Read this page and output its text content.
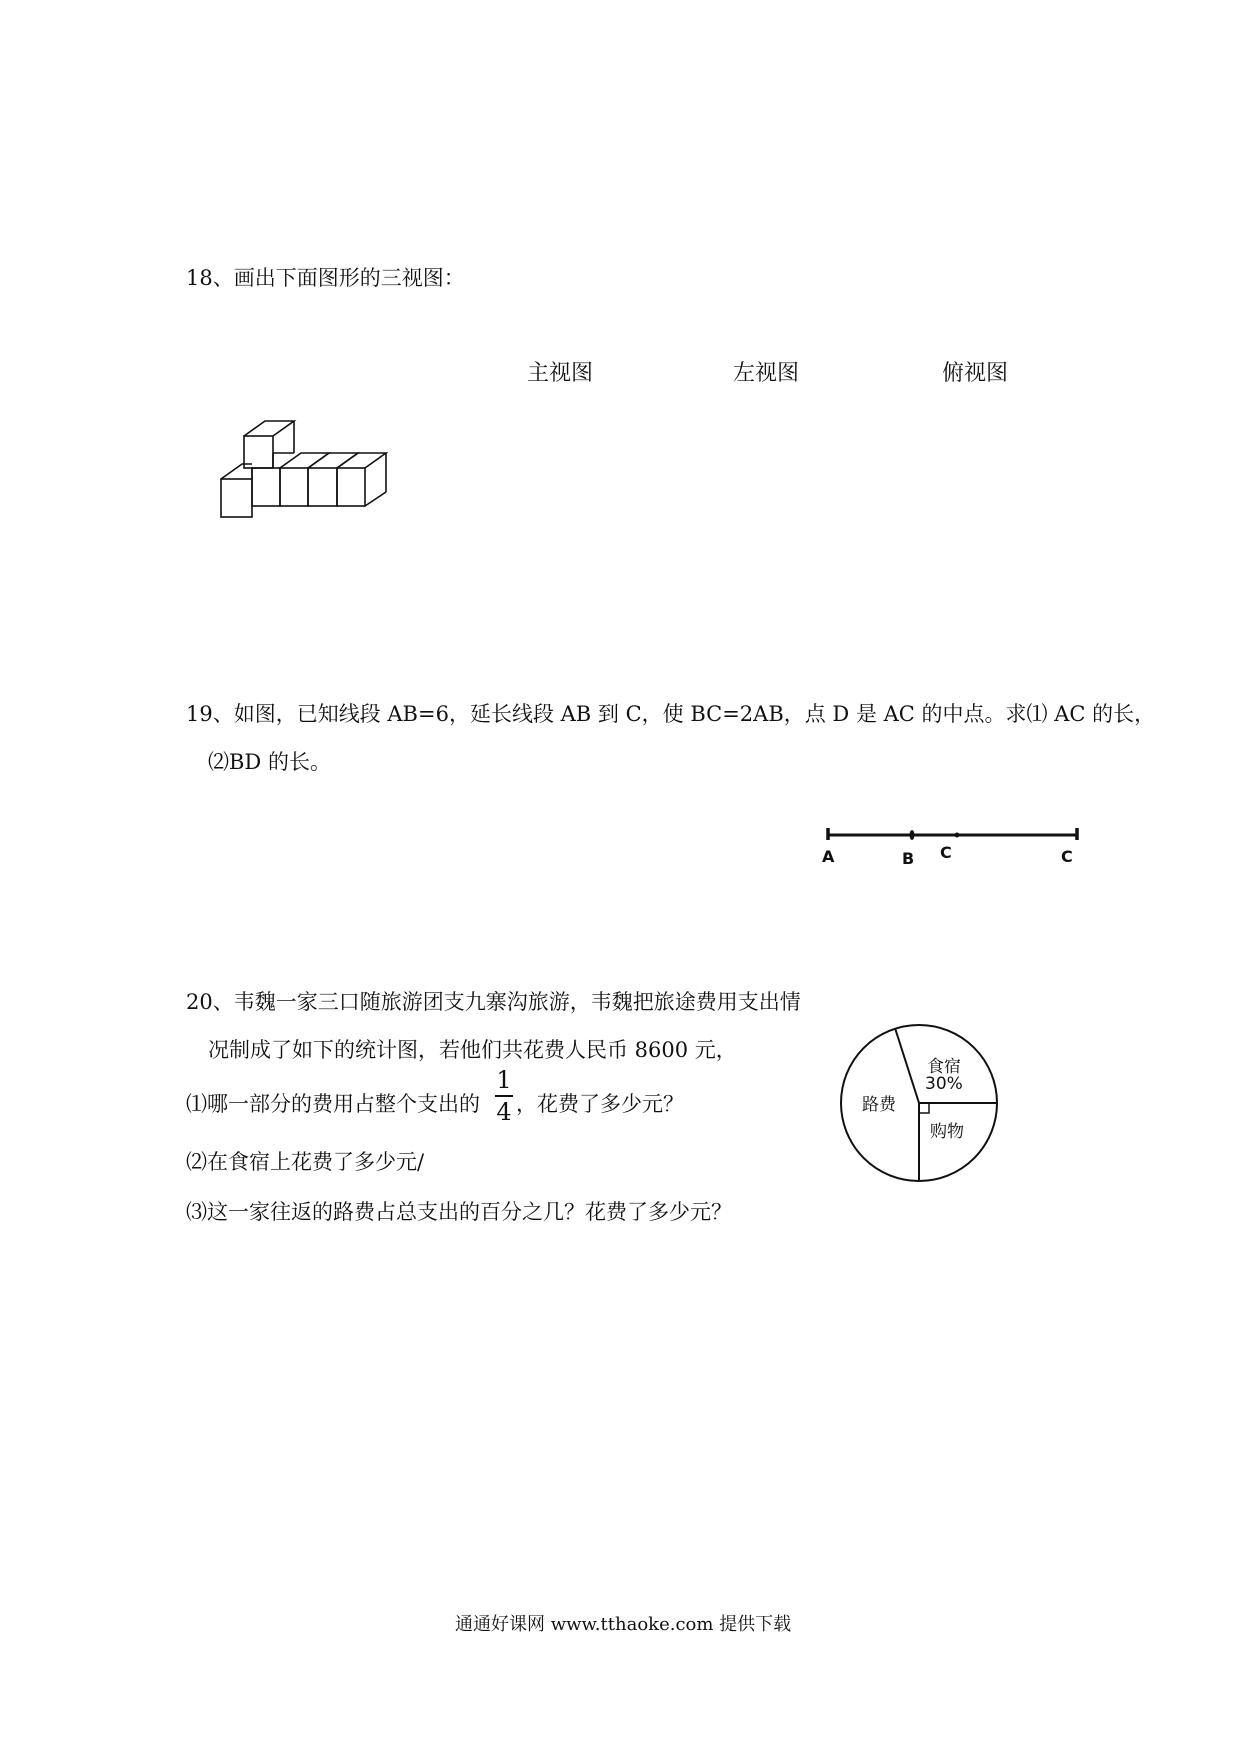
18、画出下面图形的三视图：
主视图	左视图	俯视图
19、如图，已知线段 AB=6，延长线段 AB 到 C，使 BC=2AB，点 D 是 AC 的中点。求⑴ AC 的长，
⑵BD 的长。
A	B C	C
20、韦魏一家三口随旅游团支九寨沟旅游，韦魏把旅途费用支出情
况制成了如下的统计图，若他们共花费人民币 8600 元，
⑴哪一部分的费用占整个支出的
1
4 ，花费了多少元？
⑵在食宿上花费了多少元/
⑶这一家往返的路费占总支出的百分之几？花费了多少元？
食宿
30%
购物
路费
通通好课网 www.tthaoke.com 提供下载
